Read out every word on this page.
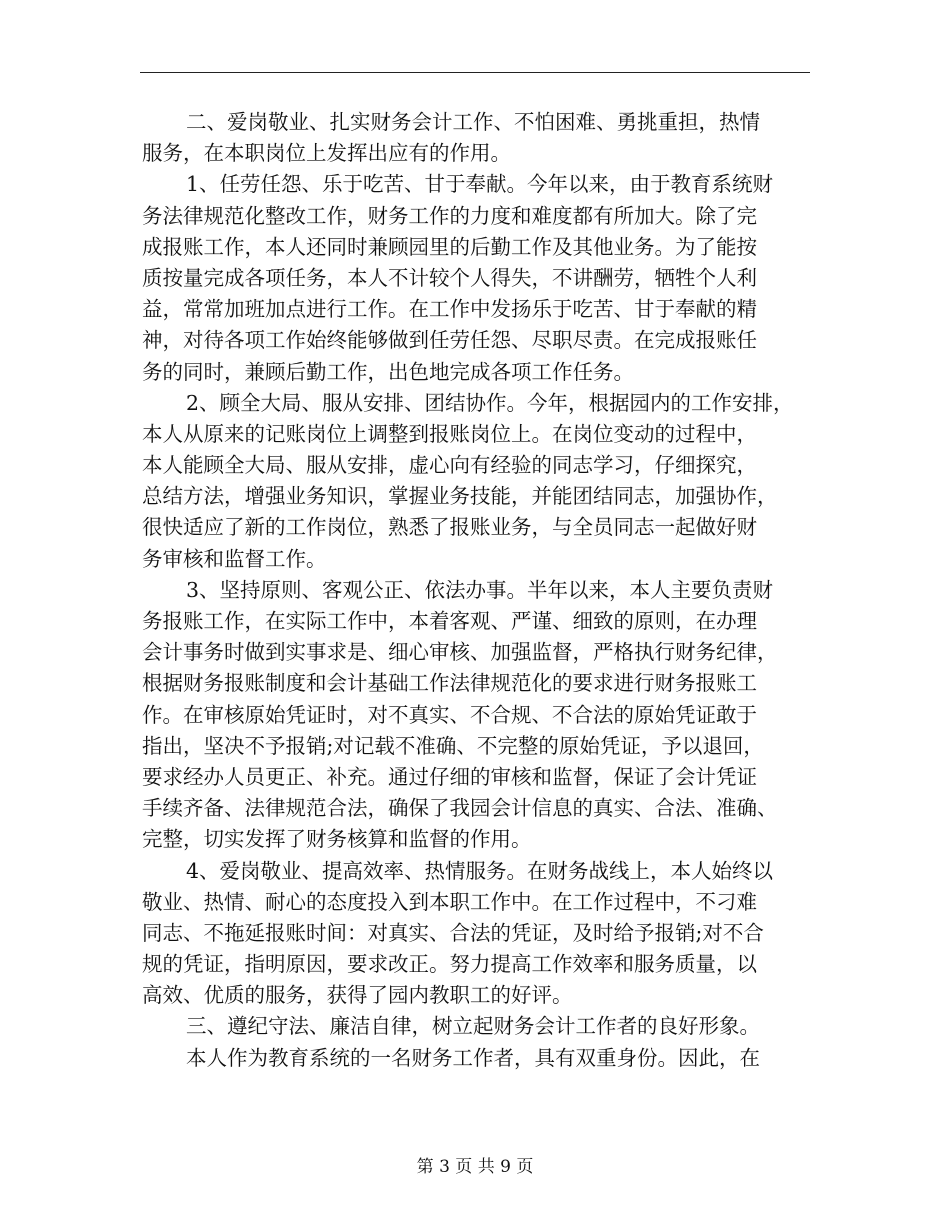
二、爱岗敬业、扎实财务会计工作、不怕困难、勇挑重担，热情
服务，在本职岗位上发挥出应有的作用。
1、任劳任怨、乐于吃苦、甘于奉献。今年以来，由于教育系统财
务法律规范化整改工作，财务工作的力度和难度都有所加大。除了完
成报账工作，本人还同时兼顾园里的后勤工作及其他业务。为了能按
质按量完成各项任务，本人不计较个人得失，不讲酬劳，牺牲个人利
益，常常加班加点进行工作。在工作中发扬乐于吃苦、甘于奉献的精
神，对待各项工作始终能够做到任劳任怨、尽职尽责。在完成报账任
务的同时，兼顾后勤工作，出色地完成各项工作任务。
2、顾全大局、服从安排、团结协作。今年，根据园内的工作安排，
本人从原来的记账岗位上调整到报账岗位上。在岗位变动的过程中，
本人能顾全大局、服从安排，虚心向有经验的同志学习，仔细探究，
总结方法，增强业务知识，掌握业务技能，并能团结同志，加强协作，
很快适应了新的工作岗位，熟悉了报账业务，与全员同志一起做好财
务审核和监督工作。
3、坚持原则、客观公正、依法办事。半年以来，本人主要负责财
务报账工作，在实际工作中，本着客观、严谨、细致的原则，在办理
会计事务时做到实事求是、细心审核、加强监督，严格执行财务纪律，
根据财务报账制度和会计基础工作法律规范化的要求进行财务报账工
作。在审核原始凭证时，对不真实、不合规、不合法的原始凭证敢于
指出，坚决不予报销;对记载不准确、不完整的原始凭证，予以退回，
要求经办人员更正、补充。通过仔细的审核和监督，保证了会计凭证
手续齐备、法律规范合法，确保了我园会计信息的真实、合法、准确、
完整，切实发挥了财务核算和监督的作用。
4、爱岗敬业、提高效率、热情服务。在财务战线上，本人始终以
敬业、热情、耐心的态度投入到本职工作中。在工作过程中，不刁难
同志、不拖延报账时间：对真实、合法的凭证，及时给予报销;对不合
规的凭证，指明原因，要求改正。努力提高工作效率和服务质量，以
高效、优质的服务，获得了园内教职工的好评。
三、遵纪守法、廉洁自律，树立起财务会计工作者的良好形象。
本人作为教育系统的一名财务工作者，具有双重身份。因此，在
第 3 页 共 9 页
